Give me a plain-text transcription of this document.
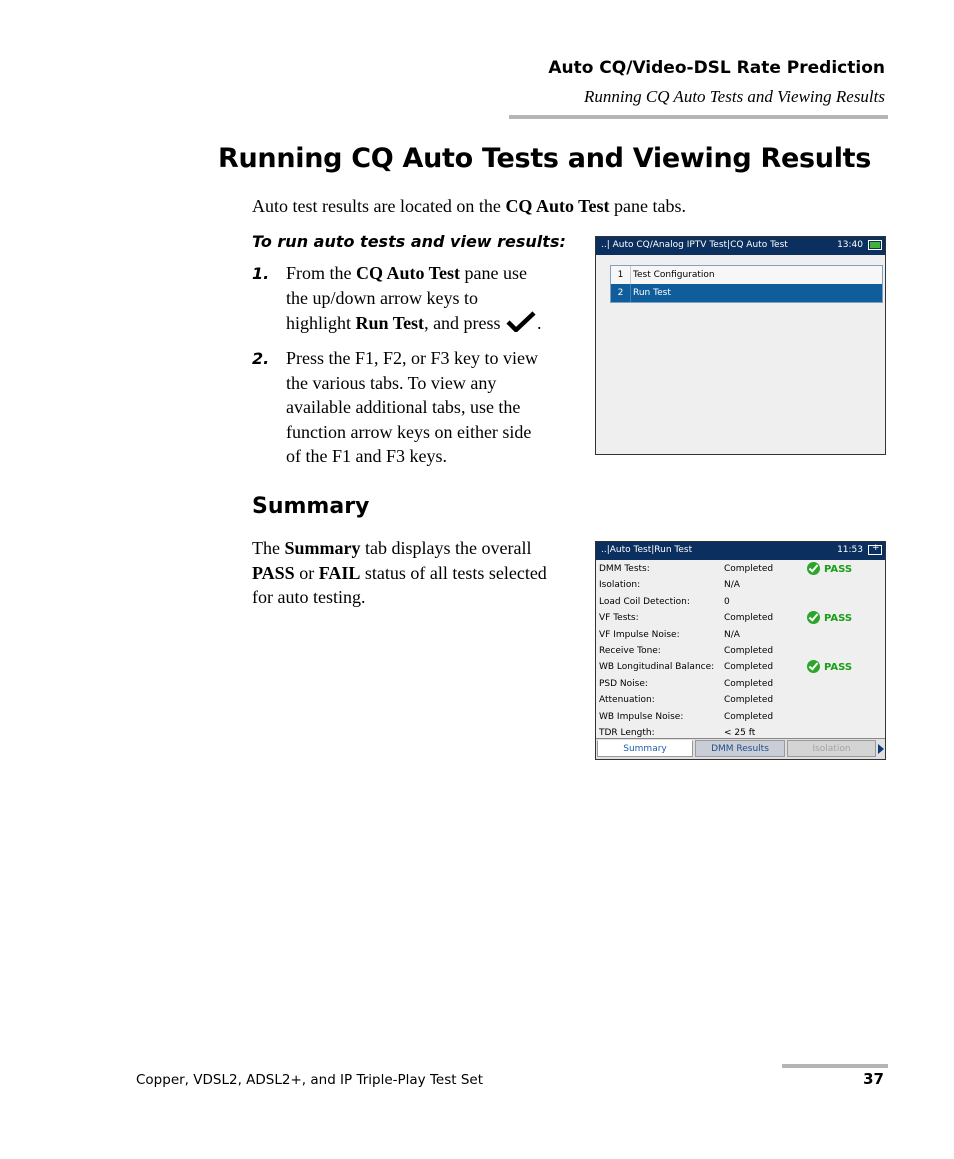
Auto CQ/Video-DSL Rate Prediction
Running CQ Auto Tests and Viewing Results
Running CQ Auto Tests and Viewing Results
Auto test results are located on the CQ Auto Test pane tabs.
To run auto tests and view results:
1. From the CQ Auto Test pane use

the up/down arrow keys to

highlight Run Test, and press .

2. Press the F1, F2, or F3 key to view

the various tabs. To view any

available additional tabs, use the

function arrow keys on either side

of the F1 and F3 keys.

..| Auto CQ/Analog IPTV Test|CQ Auto Test	13:40
1	Test Configuration
2	Run Test
Summary

The Summary tab displays the overall

PASS or FAIL status of all tests selected

for auto testing.

..|Auto Test|Run Test	11:53
+
DMM Tests:	Completed	PASS
Isolation:	N/A
Load Coil Detection:	0
VF Tests:	Completed	PASS
VF Impulse Noise:	N/A
Receive Tone:	Completed
WB Longitudinal Balance: Completed	PASS
PSD Noise:	Completed
Attenuation:	Completed
WB Impulse Noise:	Completed
TDR Length:	< 25 ft
Summary	DMM Results	Isolation
Copper, VDSL2, ADSL2+, and IP Triple-Play Test Set	37
